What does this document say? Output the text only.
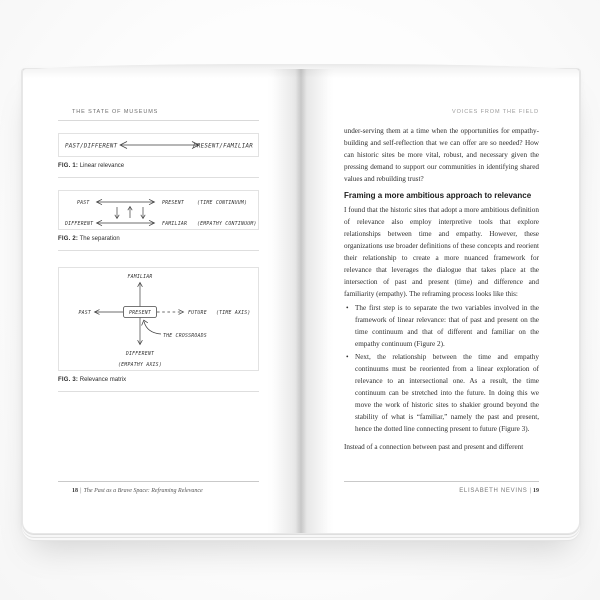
THE STATE OF MUSEUMS
PAST/DIFFERENT	PRESENT/FAMILIAR
FIG. 1: Linear relevance
PAST	PRESENT	(TIME CONTINUUM)
DIFFERENT	FAMILIAR (EMPATHY CONTINUUM)
FIG. 2: The separation
FAMILIAR
PRESENT
PAST	FUTURE (TIME AXIS)
THE CROSSROADS
DIFFERENT
(EMPATHY AXIS)
FIG. 3: Relevance matrix
18 | The Past as a Brave Space: Reframing Relevance
VOICES FROM THE FIELD

under-serving them at a time when the opportunities for empathy-building and self-reflection that we can offer are so needed? How can historic sites be more vital, robust, and necessary given the pressing demand to support our communities in identifying shared values and rebuilding trust?

Framing a more ambitious approach to relevance

I found that the historic sites that adopt a more ambitious definition of relevance also employ interpretive tools that explore relationships between time and empathy. However, these organizations use broader definitions of these concepts and reorient their relationship to create a more nuanced framework for relevance that leverages the dialogue that takes place at the intersection of past and present (time) and difference and familiarity (empathy). The reframing process looks like this:

• The first step is to separate the two variables involved in the framework of linear relevance: that of past and present on the time continuum and that of different and familiar on the empathy continuum (Figure 2).
• Next, the relationship between the time and empathy continuums must be reoriented from a linear exploration of relevance to an intersectional one. As a result, the time continuum can be stretched into the future. In doing this we move the work of historic sites to shakier ground beyond the stability of what is “familiar,” namely the past and present, hence the dotted line connecting present to future (Figure 3).

Instead of a connection between past and present and different

ELISABETH NEVINS | 19
